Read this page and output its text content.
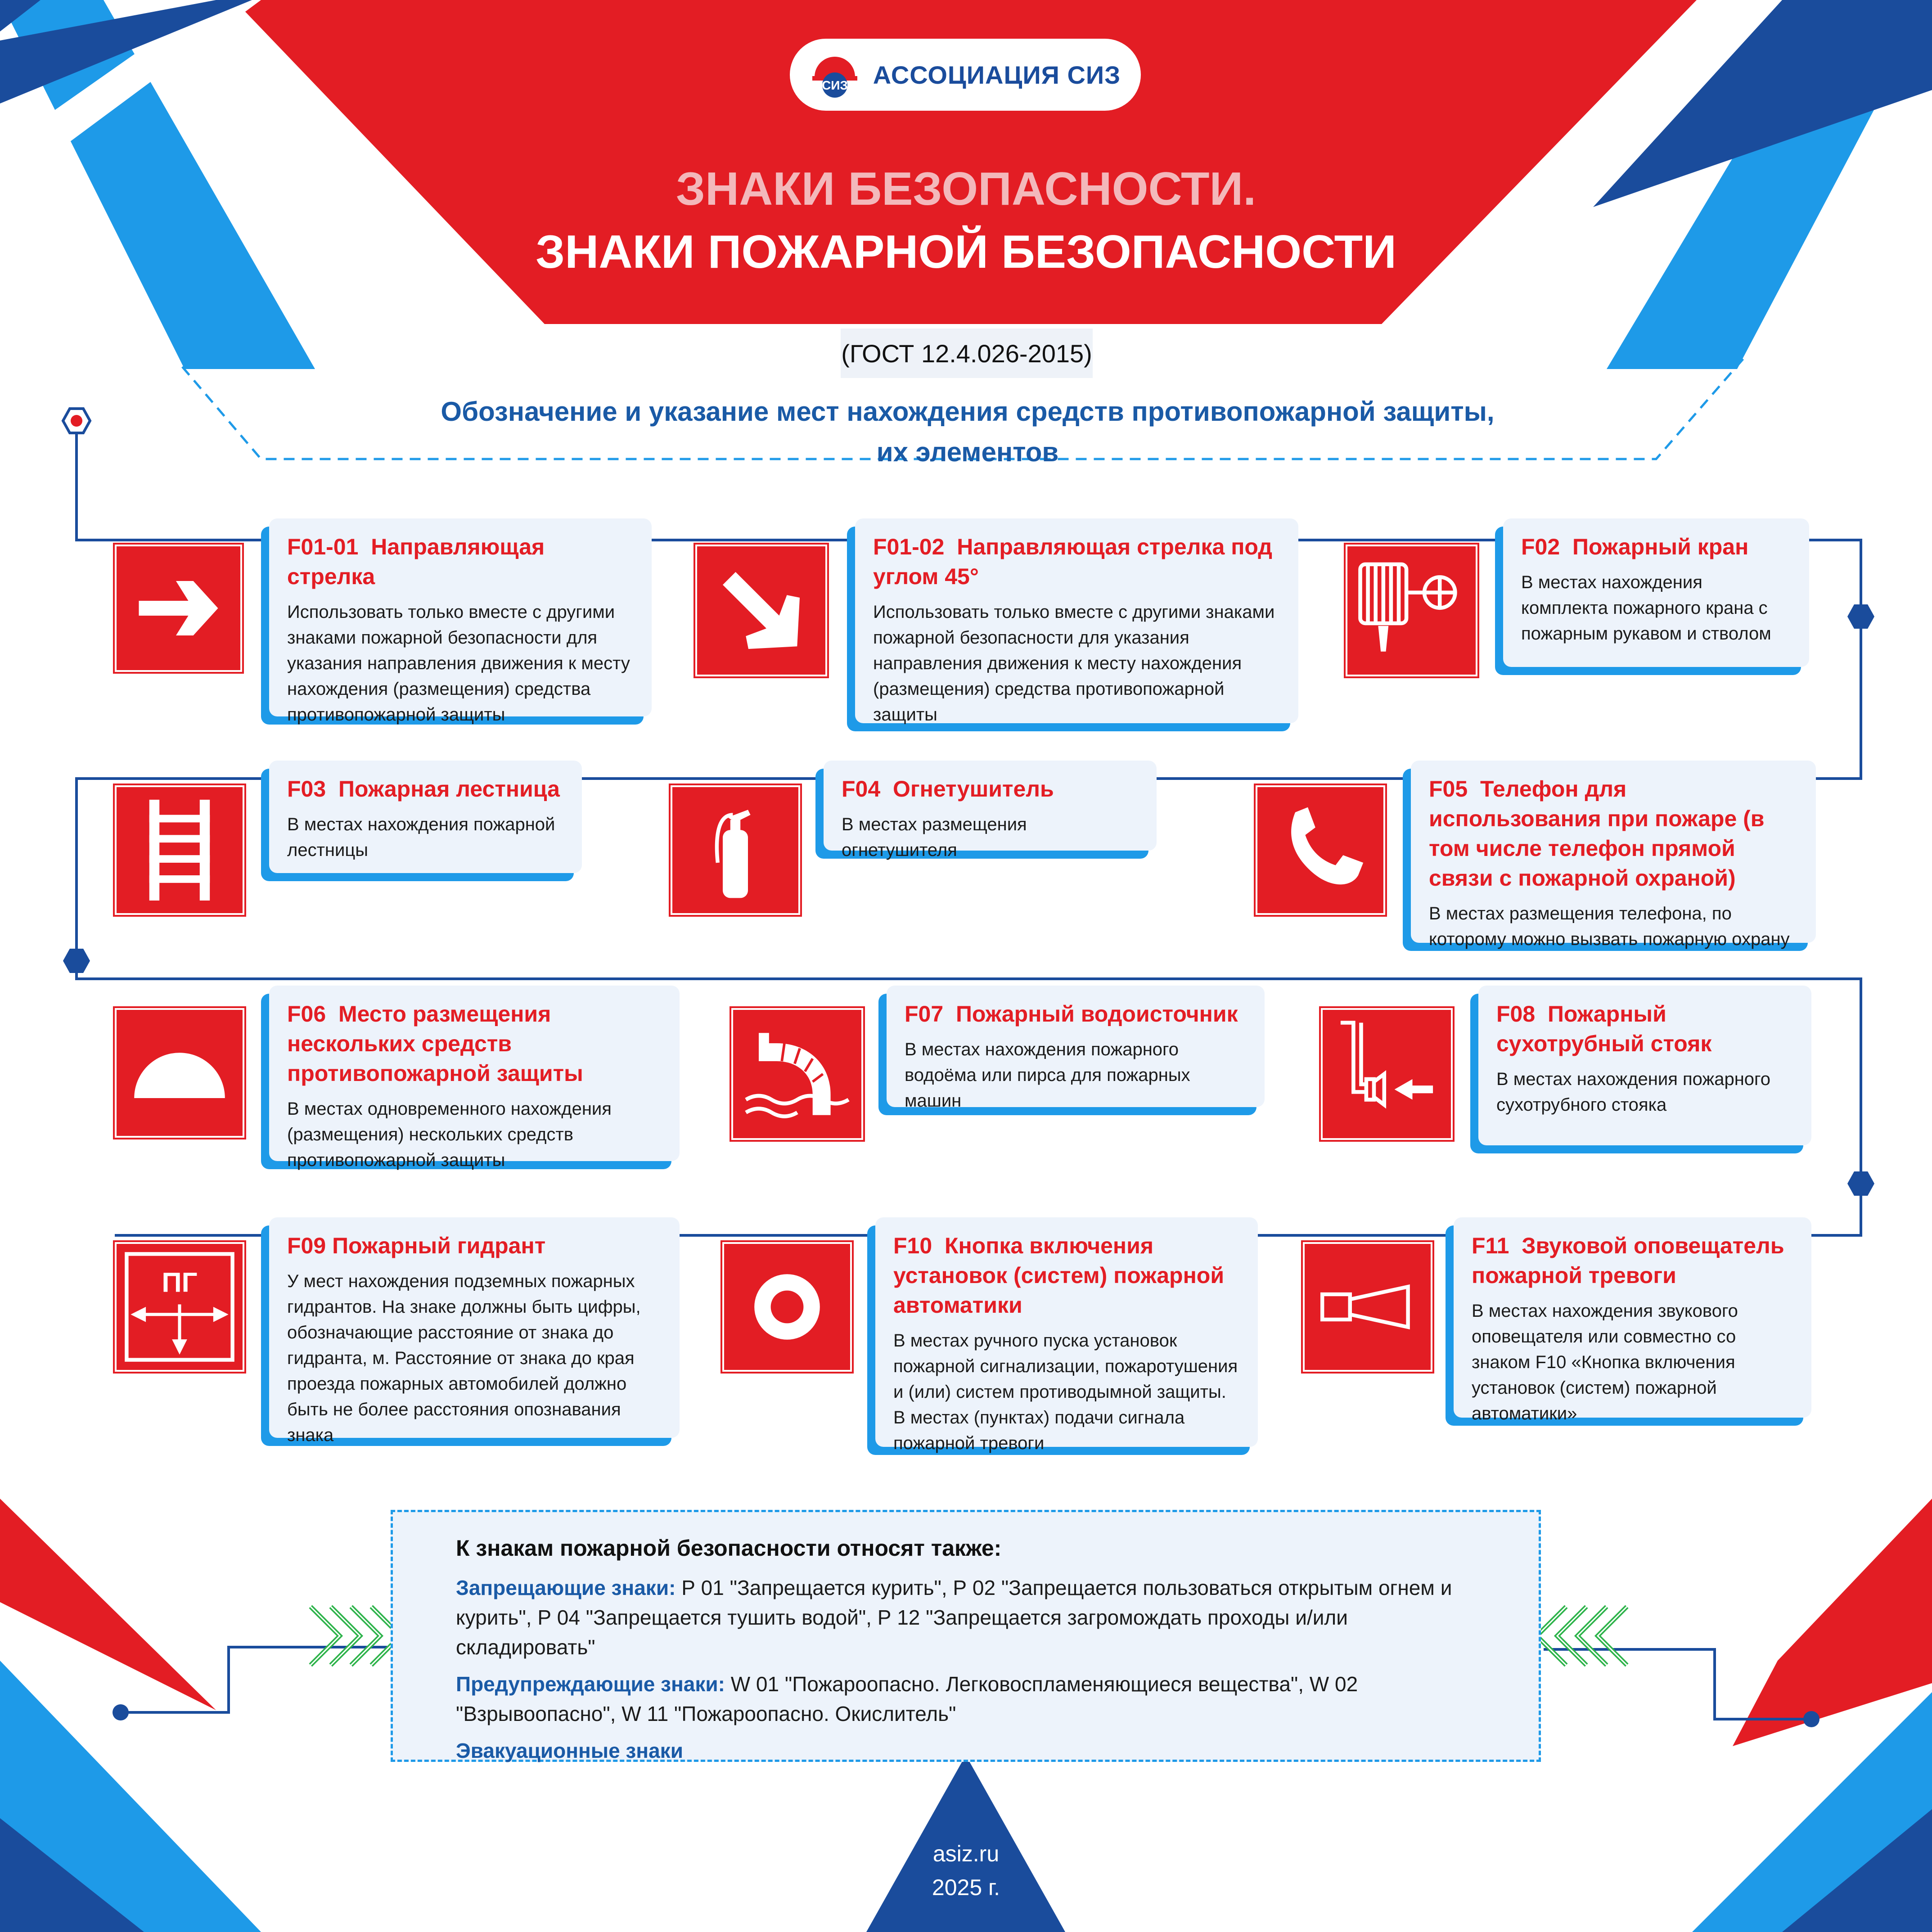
СИЗ АССОЦИАЦИЯ СИЗ
ЗНАКИ БЕЗОПАСНОСТИ.
ЗНАКИ ПОЖАРНОЙ БЕЗОПАСНОСТИ
(ГОСТ 12.4.026-2015)
Обозначение и указание мест нахождения средств противопожарной защиты,
их элементов
F01-01 Направляющая стрелка

Использовать только вместе с другими знаками пожарной безопасности для указания направления движения к месту нахождения (размещения) средства противопожарной защиты

F01-02 Направляющая стрелка под углом 45°

Использовать только вместе с другими знаками пожарной безопасности для указания направления движения к месту нахождения (размещения) средства противопожарной защиты

F02 Пожарный кран

В местах нахождения комплекта пожарного крана с пожарным рукавом и стволом

F03 Пожарная лестница

В местах нахождения пожарной лестницы

F04 Огнетушитель

В местах размещения огнетушителя

F05 Телефон для использования при пожаре (в том числе телефон прямой связи с пожарной охраной)

В местах размещения телефона, по которому можно вызвать пожарную охрану

F06 Место размещения нескольких средств противопожарной защиты

В местах одновременного нахождения (размещения) нескольких средств противопожарной защиты

F07 Пожарный водоисточник

В местах нахождения пожарного водоёма или пирса для пожарных машин

F08 Пожарный сухотрубный стояк

В местах нахождения пожарного сухотрубного стояка

ПГ
F09 Пожарный гидрант

У мест нахождения подземных пожарных гидрантов. На знаке должны быть цифры, обозначающие расстояние от знака до гидранта, м. Расстояние от знака до края проезда пожарных автомобилей должно быть не более расстояния опознавания знака

F10 Кнопка включения установок (систем) пожарной автоматики

В местах ручного пуска установок пожарной сигнализации, пожаротушения и (или) систем противодымной защиты. В местах (пунктах) подачи сигнала пожарной тревоги

F11 Звуковой оповещатель пожарной тревоги

В местах нахождения звукового оповещателя или совместно со знаком F10 «Кнопка включения установок (систем) пожарной автоматики»

К знакам пожарной безопасности относят также:

Запрещающие знаки: Р 01 "Запрещается курить", Р 02 "Запрещается пользоваться открытым огнем и курить", Р 04 "Запрещается тушить водой", Р 12 "Запрещается загромождать проходы и/или складировать"

Предупреждающие знаки: W 01 "Пожароопасно. Легковоспламеняющиеся вещества", W 02 "Взрывоопасно", W 11 "Пожароопасно. Окислитель"

Эвакуационные знаки

asiz.ru
2025 г.
